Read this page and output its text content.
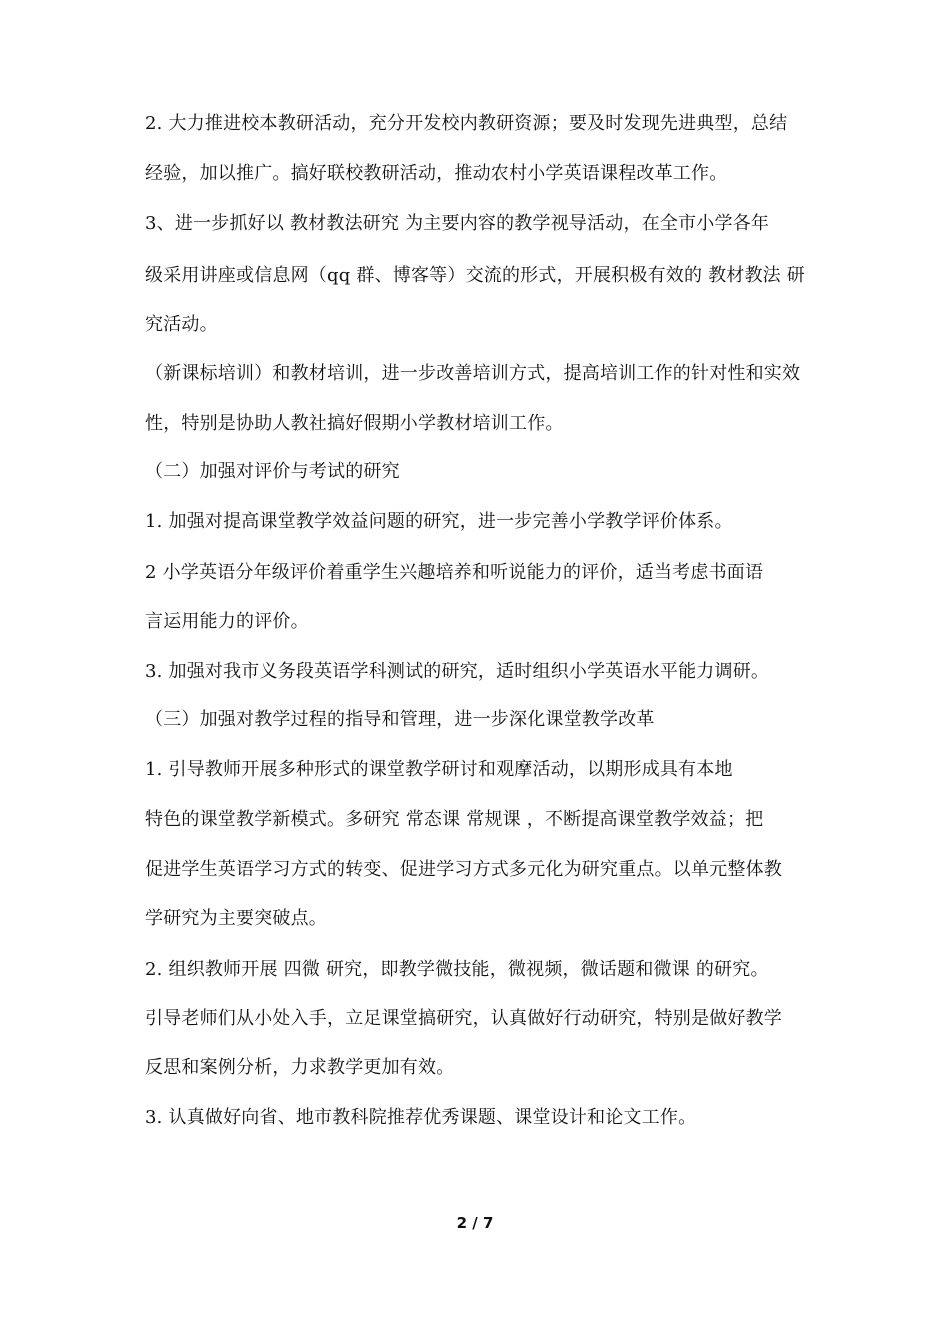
2. 大力推进校本教研活动，充分开发校内教研资源；要及时发现先进典型，总结
经验，加以推广。搞好联校教研活动，推动农村小学英语课程改革工作。
3、进一步抓好以 教材教法研究 为主要内容的教学视导活动，在全市小学各年
级采用讲座或信息网（qq 群、博客等）交流的形式，开展积极有效的 教材教法 研
究活动。
（新课标培训）和教材培训，进一步改善培训方式，提高培训工作的针对性和实效
性，特别是协助人教社搞好假期小学教材培训工作。
（二）加强对评价与考试的研究
1. 加强对提高课堂教学效益问题的研究，进一步完善小学教学评价体系。
2 小学英语分年级评价着重学生兴趣培养和听说能力的评价，适当考虑书面语
言运用能力的评价。
3. 加强对我市义务段英语学科测试的研究，适时组织小学英语水平能力调研。
（三）加强对教学过程的指导和管理，进一步深化课堂教学改革
1. 引导教师开展多种形式的课堂教学研讨和观摩活动，以期形成具有本地
特色的课堂教学新模式。多研究 常态课 常规课 ，不断提高课堂教学效益；把
促进学生英语学习方式的转变、促进学习方式多元化为研究重点。以单元整体教
学研究为主要突破点。
2. 组织教师开展 四微 研究，即教学微技能，微视频，微话题和微课 的研究。
引导老师们从小处入手，立足课堂搞研究，认真做好行动研究，特别是做好教学
反思和案例分析，力求教学更加有效。
3. 认真做好向省、地市教科院推荐优秀课题、课堂设计和论文工作。
2 / 7
